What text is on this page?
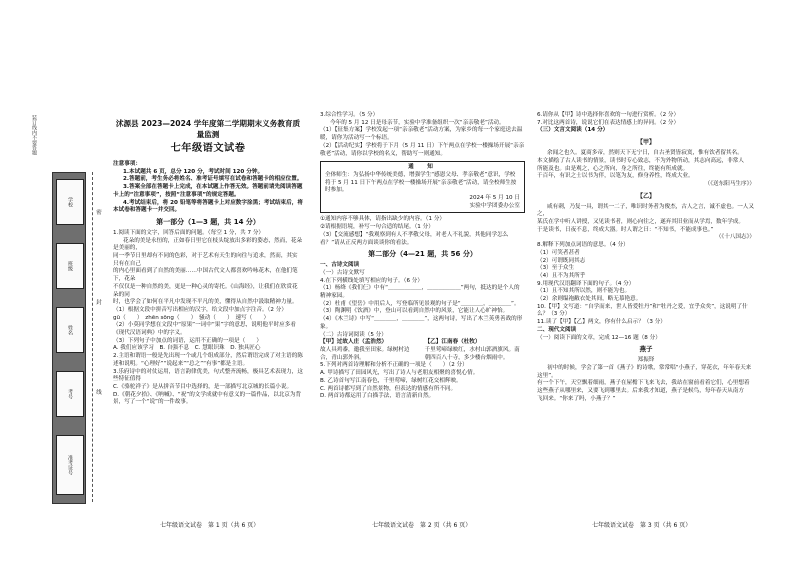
装订线内不要答题
学校
班级
姓名
考号
准考证号
密
封
线

沭源县 2023—2024 学年度第二学期期末义务教育质量监测

七年级语文试卷

注意事项：

1.本试题共 6 页，总分 120 分，考试时间 120 分钟。

2.答题前，考生务必将姓名、准考证号填写在试卷和答题卡的相应位置。

3.答案全部在答题卡上完成，在本试题上作答无效。答题前请先阅读答题卡上的“注意事项”，按照“注意事项”的规定答题。

4.考试结束后，将 20 铅笔等将答题卡上对应数字涂黑；考试结束后，将本试卷和答题卡一并交回。

第一部分（1—3 题，共 14 分）

1.阅读下面的文字，回答后面的问题。（每空 1 分，共 7 分）

花朵的美是永恒的，正如春日里它在枝头绽放出多彩的姿态，然而，花朵是美丽的，

同一季节日里却有不同的色彩，对于艺术有天生的向往与追求，然而，其实只有在自己

的内心里面看到了自然的美丽……中国古代文人都喜欢吟咏花木，在他们笔下，花朵

不仅仅是一种自然的美，更是一种心灵的寄托。《山海经》，让我们在欣赏花朵的同

时，也学会了如何在平凡中发现不平凡的美，懂得从自然中汲取精神力量。

（1）根据文段中拼音写出相应的汉字，给文段中加点字注音。（2 分）

gū（　　）　zhēn sōng（　　）　骚动（　　）　速写（　　）

（2）小莫同学想在文段中“原果”一词中“果”字的意思，说明他平时应多看《现代汉语词典》中的字义。

（3）下列句子中加点的词语，运用不正确的一项是（　　）

A. 我们应该学习　B. 自强不息　C. 慧眼识珠　D. 独具匠心

2.主语和谓语一般是先出现一个或几个组成部分，然后谓语完成了对主语的陈述和说明。“心理好”“说起来”“总之”“有事”都是主语。

3.乐府诗中的对仗运用，语言韵律优美，句式整齐流畅，极具艺术表现力，这些特征值得

C.《骆驼祥子》是从拼音节目中选择的，是一部描写北京城的长篇小说。

D.《朝花夕拾》、《呐喊》、“祝”的文学成就中有意义的一篇作品，以北京为背景，写了一个“说”的一件故事。

3.综合性学习。（5 分）

今年的 5 月 12 日是母亲节，实验中学准备组织一次“亲亲敬老”活动。

（1）【征集方案】学校发起一项“亲亲敬老”活动方案，为家乡的每一个家庭送去温暖，请你为活动写一个标语。

（2）【活动纪实】学校将于下月（5 月 11 日）下午两点在学校一楼操场开展“亲亲敬老”活动，请你以学校的名义，帮助写一则通知。

通　知

全体师生：为弘扬中华传统美德，增强学生“感恩父母、孝亲敬老”意识，学校将于 5 月 11 日下午两点在学校一楼操场开展“亲亲敬老”活动，请全校师生按时参加。

2024 年 5 月 10 日

实验中学团委办公室

①通知内容不够具体，请指出缺少的内容。（1 分）

②请根据语境，补写一句合适的结尾。（1 分）

（3）【交流感想】“我观察到有人不孝敬父母，对老人不礼貌，其他同学怎么看？”请从正反两方面谈谈你的看法。

第二部分（4—21 题，共 56 分）

一、古诗文阅读

（一）古诗文默写

4.在下列横线处填写相应的句子。（6 分）

（1）杨绛《我们仨》中有“＿＿＿＿＿＿，＿＿＿＿＿＿”两句，抵达的是个人的精神家园。

（2）杜甫《望岳》中用后人，写登临所见景观的句子是“＿＿＿＿，＿＿＿＿”。

（3）陶渊明《饮酒》中，登山可以看到自然中的风景，它能让人心旷神怡。

（4）《木兰诗》中写“＿＿＿＿，＿＿＿＿”，这两句诗，写出了木兰英勇善战的形象。

（二）古诗词阅读（5 分）

【甲】过故人庄（孟浩然）

故人具鸡黍，邀我至田家。绿树村边合，青山郭外斜。

【乙】江南春（杜牧）

千里莺啼绿映红，水村山郭酒旗风。南朝四百八十寺，多少楼台烟雨中。

5.下列对两首诗理解和分析不正确的一项是（　　）（2 分）

A. 甲诗描写了田园风光，写出了诗人与老朋友相聚的喜悦心情。

B. 乙诗首句写江南春色，千里莺啼，绿树红花交相辉映。

C. 两首诗都写到了自然景物，但表达的情感有所不同。

D. 两首诗都运用了白描手法，语言清新自然。

6.请你从【甲】诗中选择你喜欢的一句进行赏析。（2 分）

7.对比这两首诗，说说它们在表达情感上的异同。（2 分）

（三）文言文阅读（14 分）

【甲】

余闻之也久。夏商多帝，然则天下无宁日，自古圣贤皆寂寞，惟有饮者留其名。

本文描绘了古人读书的情景，读书时专心致志，不为外物所动，其志向高远，非常人

所能及也。由是观之，心之所向，身之所往，终能有所成就。

千百年，有识之士以书为伴，以笔为友，修身养性，终成大业。

（《送东阳马生序》）

【乙】

咸有刺，乃复一具，谓其一二子，唯识时务者为俊杰，古人之言，诚不虚也。一人又之，

某氏在学中听人讲授，又见读书者，则心向往之，遂弃其旧业而从学焉，数年学成。

于是读书，日夜不息，终成大器。时人谓之曰：“不知书，不能成事也。”

（《十八国志》）

8.解释下列加点词语的意思。（4 分）

（1）可笑者甚者

（2）可谓既同其志

（3）至于众生

（4）且不为其所乎

9.用现代汉语翻译下面的句子。（4 分）

（1）且不知其所以然，则不能为也。

（2）余则缊袍敝衣处其间，略无慕艳意。

10.【甲】文写道：“自学而来，世人皆爱牡丹”和“牡丹之爱，宜乎众矣”，这说明了什么？（3 分）

11.读了【甲】【乙】两文，你有什么启示？（3 分）

二、现代文阅读

（一）阅读下面的文章，完成 12—16 题（8 分）

燕子

郑振铎

初中的时候，学会了第一首《燕子》的诗歌，常常唱“小燕子，穿花衣，年年春天来这里”。

有一个下午，天空飘着细雨，燕子在屋檐下飞来飞去，我站在窗前看着它们，心里想着

这些燕子从哪里来，又要飞到哪里去。后来我才知道，燕子是候鸟，每年春天从南方

飞回来。“你来了吗，小燕子？”

七年级语文试卷　第 1 页（共 6 页）	七年级语文试卷　第 2 页（共 6 页）	七年级语文试卷　第 3 页（共 6 页）
